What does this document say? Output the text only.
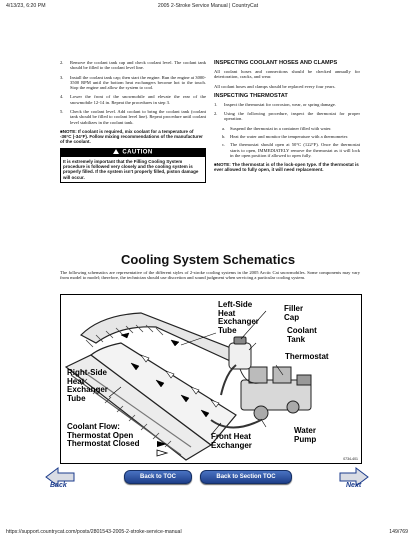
4/13/23, 6:20 PM	2005 2-Stroke Service Manual | CountryCat
2.	Remove the coolant tank cap and check coolant level. The coolant tank should be filled to the coolant level line.
3.	Install the coolant tank cap; then start the engine. Run the engine at 3000-3500 RPM until the bottom heat exchangers become hot to the touch. Stop the engine and allow the system to cool.
4.	Lower the front of the snowmobile and elevate the rear of the snowmobile 12-14 in. Repeat the procedures in step 3.
5.	Check the coolant level. Add coolant to bring the coolant tank (coolant tank should be filled to coolant level line). Repeat procedure until coolant level stabilizes in the coolant tank.
■NOTE: If coolant is required, mix coolant for a temperature of -36°C (-34°F). Follow mixing recommendations of the manufacturer of the coolant.
CAUTION
It is extremely important that the Filling Cooling System procedure is followed very closely and the cooling system is properly filled. If the system isn't properly filled, piston damage will occur.
INSPECTING COOLANT HOSES AND CLAMPS

All coolant hoses and connections should be checked annually for deterioration, cracks, and wear.

All coolant hoses and clamps should be replaced every four years.

INSPECTING THERMOSTAT
1.	Inspect the thermostat for corrosion, wear, or spring damage.
2.	Using the following procedure, inspect the thermostat for proper operation.
a.	Suspend the thermostat in a container filled with water.
b. Heat the water and monitor the temperature with a thermometer.
c.	The thermostat should open at 50°C (122°F). Once the thermostat starts to open, IMMEDIATELY remove the thermostat as it will lock in the open position if allowed to open fully.
■NOTE: The thermostat is of the lock-open type. If the thermostat is ever allowed to fully open, it will need replacement.
Cooling System Schematics
The following schematics are representative of the different styles of 2-stroke cooling systems in the 2005 Arctic Cat snowmobiles. Some components may vary from model to model; therefore, the technician should use discretion and sound judgment when servicing a particular cooling system.
Left-Side
Heat
Exchanger
Tube
Filler
Cap
Coolant
Tank
Thermostat
Right-Side
Heat
Exchanger
Tube
Coolant Flow:
Thermostat Open
Thermostat Closed
Front Heat
Exchanger
Water
Pump
0734-401
Back
Back to TOC	Back to Section TOC
Next
https://support.countrycat.com/posts/2801543-2005-2-stroke-service-manual	149/769
